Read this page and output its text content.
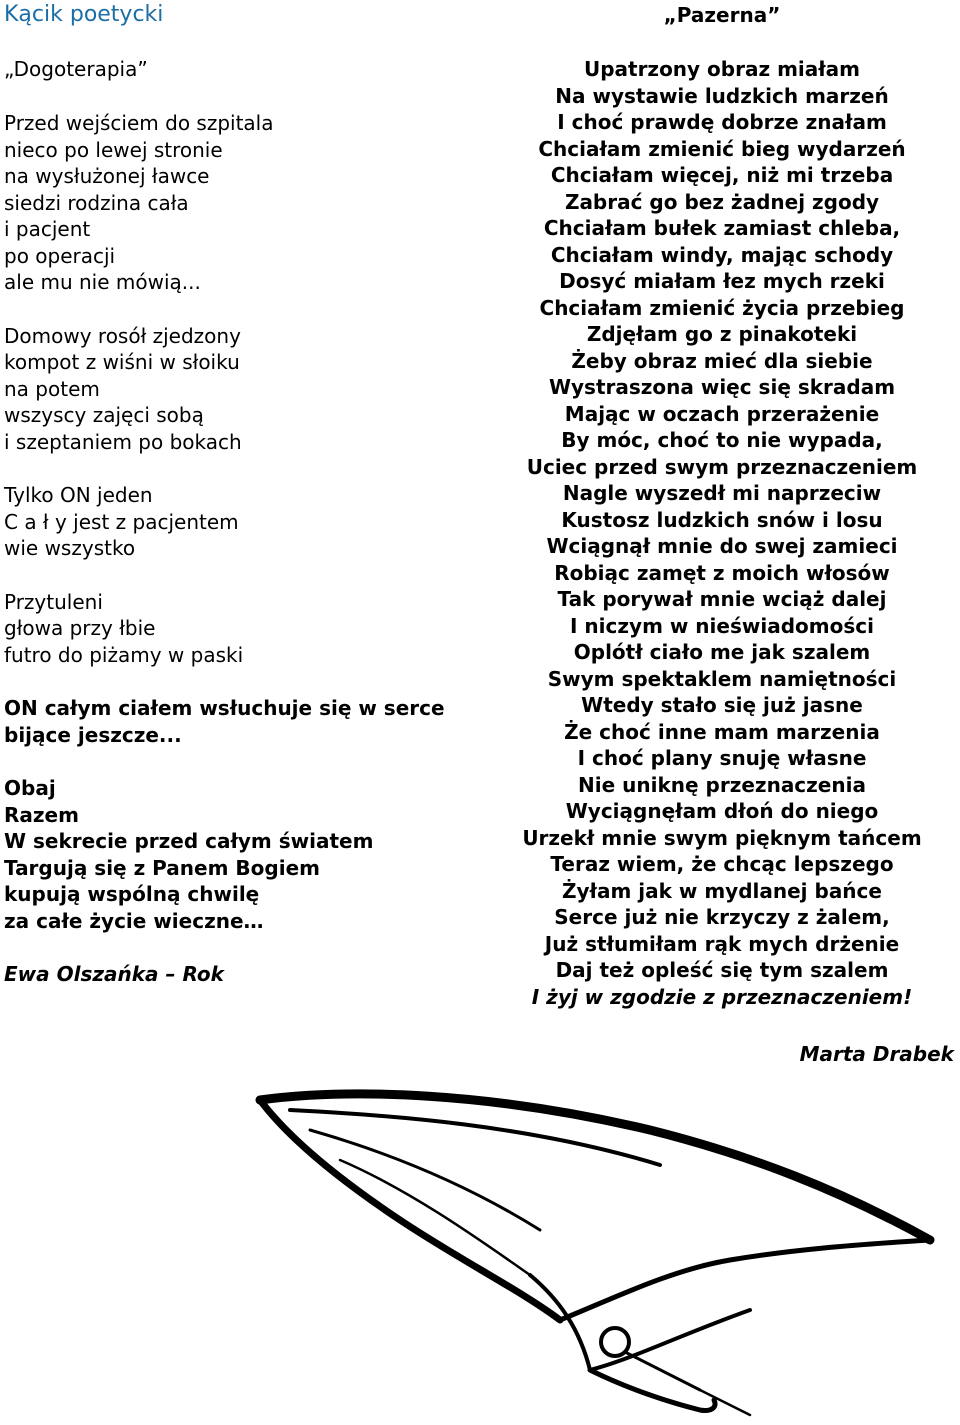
Kącik poetycki
„Dogoterapia”
Przed wejściem do szpitala
nieco po lewej stronie
na wysłużonej ławce
siedzi rodzina cała
i pacjent
po operacji
ale mu nie mówią...
Domowy rosół zjedzony
kompot z wiśni w słoiku
na potem
wszyscy zajęci sobą
i szeptaniem po bokach
Tylko ON jeden
C a ł y jest z pacjentem
wie wszystko
Przytuleni
głowa przy łbie
futro do piżamy w paski
ON całym ciałem wsłuchuje się w serce
bijące jeszcze...
Obaj
Razem
W sekrecie przed całym światem
Targują się z Panem Bogiem
kupują wspólną chwilę
za całe życie wieczne…
Ewa Olszańka – Rok
„Pazerna”
Upatrzony obraz miałam
Na wystawie ludzkich marzeń
I choć prawdę dobrze znałam
Chciałam zmienić bieg wydarzeń
Chciałam więcej, niż mi trzeba
Zabrać go bez żadnej zgody
Chciałam bułek zamiast chleba,
Chciałam windy, mając schody
Dosyć miałam łez mych rzeki
Chciałam zmienić życia przebieg
Zdjęłam go z pinakoteki
Żeby obraz mieć dla siebie
Wystraszona więc się skradam
Mając w oczach przerażenie
By móc, choć to nie wypada,
Uciec przed swym przeznaczeniem
Nagle wyszedł mi naprzeciw
Kustosz ludzkich snów i losu
Wciągnął mnie do swej zamieci
Robiąc zamęt z moich włosów
Tak porywał mnie wciąż dalej
I niczym w nieświadomości
Oplótł ciało me jak szalem
Swym spektaklem namiętności
Wtedy stało się już jasne
Że choć inne mam marzenia
I choć plany snuję własne
Nie uniknę przeznaczenia
Wyciągnęłam dłoń do niego
Urzekł mnie swym pięknym tańcem
Teraz wiem, że chcąc lepszego
Żyłam jak w mydlanej bańce
Serce już nie krzyczy z żalem,
Już stłumiłam rąk mych drżenie
Daj też opleść się tym szalem
I żyj w zgodzie z przeznaczeniem!
Marta Drabek
